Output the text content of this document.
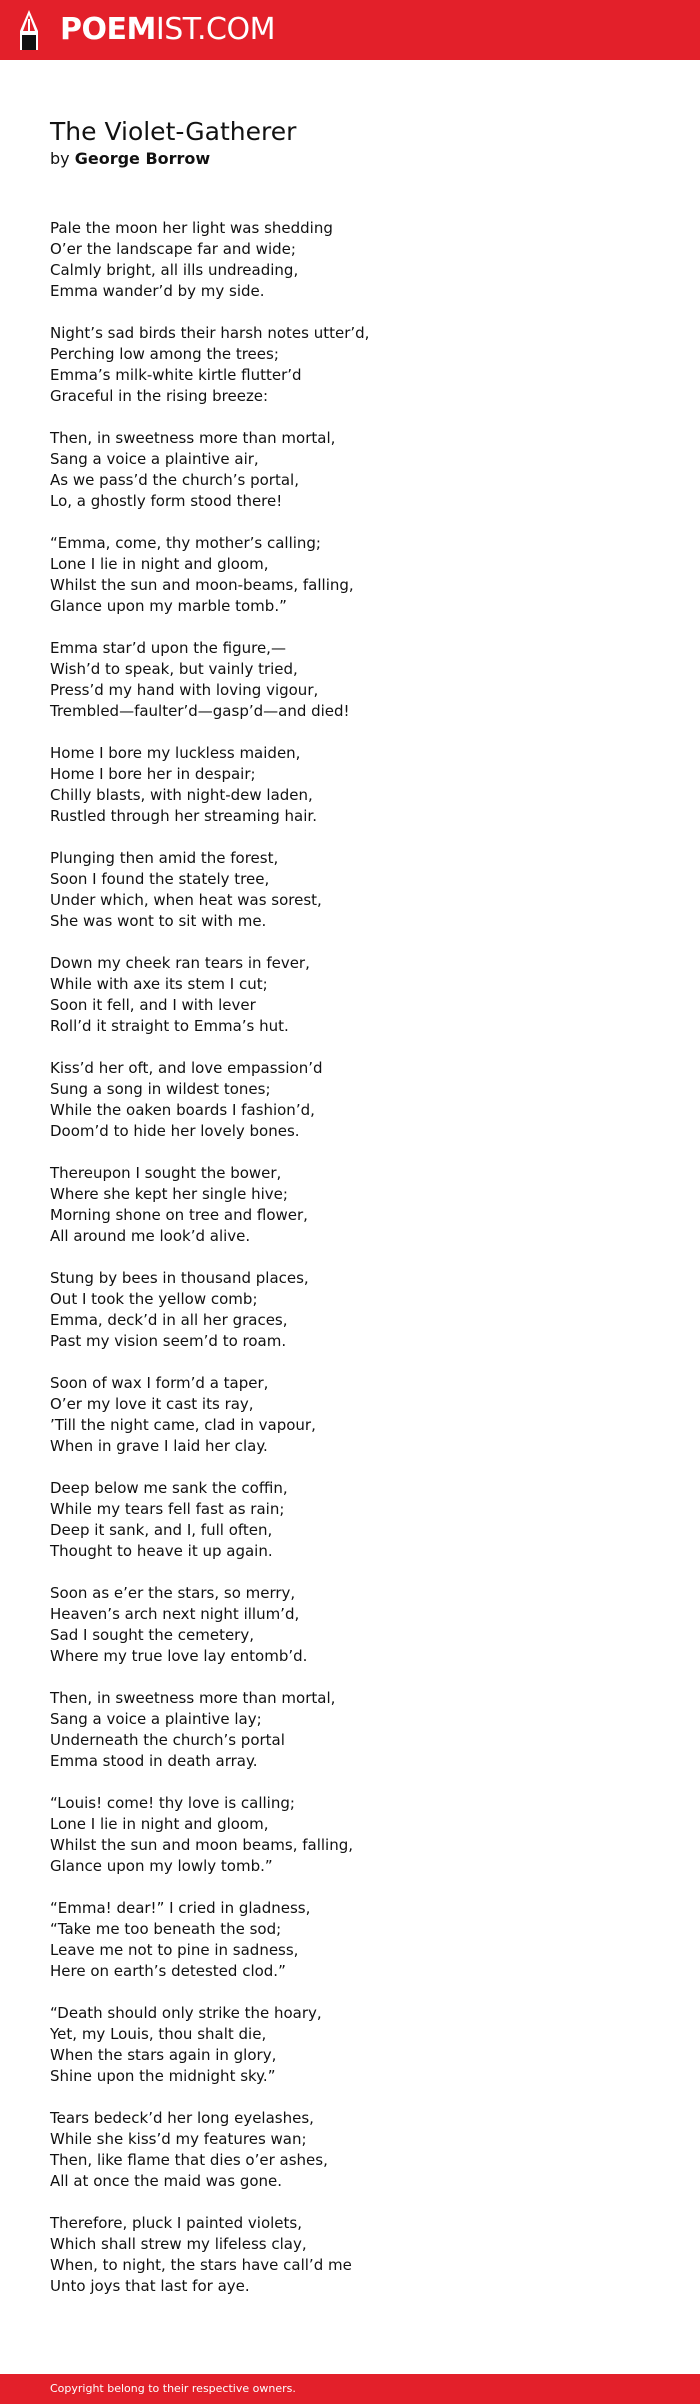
POEMIST.COM
The Violet-Gatherer
by George Borrow
Pale the moon her light was shedding
O’er the landscape far and wide;
Calmly bright, all ills undreading,
Emma wander’d by my side.
Night’s sad birds their harsh notes utter’d,
Perching low among the trees;
Emma’s milk-white kirtle flutter’d
Graceful in the rising breeze:
Then, in sweetness more than mortal,
Sang a voice a plaintive air,
As we pass’d the church’s portal,
Lo, a ghostly form stood there!
“Emma, come, thy mother’s calling;
Lone I lie in night and gloom,
Whilst the sun and moon-beams, falling,
Glance upon my marble tomb.”
Emma star’d upon the figure,—
Wish’d to speak, but vainly tried,
Press’d my hand with loving vigour,
Trembled—faulter’d—gasp’d—and died!
Home I bore my luckless maiden,
Home I bore her in despair;
Chilly blasts, with night-dew laden,
Rustled through her streaming hair.
Plunging then amid the forest,
Soon I found the stately tree,
Under which, when heat was sorest,
She was wont to sit with me.
Down my cheek ran tears in fever,
While with axe its stem I cut;
Soon it fell, and I with lever
Roll’d it straight to Emma’s hut.
Kiss’d her oft, and love empassion’d
Sung a song in wildest tones;
While the oaken boards I fashion’d,
Doom’d to hide her lovely bones.
Thereupon I sought the bower,
Where she kept her single hive;
Morning shone on tree and flower,
All around me look’d alive.
Stung by bees in thousand places,
Out I took the yellow comb;
Emma, deck’d in all her graces,
Past my vision seem’d to roam.
Soon of wax I form’d a taper,
O’er my love it cast its ray,
’Till the night came, clad in vapour,
When in grave I laid her clay.
Deep below me sank the coffin,
While my tears fell fast as rain;
Deep it sank, and I, full often,
Thought to heave it up again.
Soon as e’er the stars, so merry,
Heaven’s arch next night illum’d,
Sad I sought the cemetery,
Where my true love lay entomb’d.
Then, in sweetness more than mortal,
Sang a voice a plaintive lay;
Underneath the church’s portal
Emma stood in death array.
“Louis! come! thy love is calling;
Lone I lie in night and gloom,
Whilst the sun and moon beams, falling,
Glance upon my lowly tomb.”
“Emma! dear!” I cried in gladness,
“Take me too beneath the sod;
Leave me not to pine in sadness,
Here on earth’s detested clod.”
“Death should only strike the hoary,
Yet, my Louis, thou shalt die,
When the stars again in glory,
Shine upon the midnight sky.”
Tears bedeck’d her long eyelashes,
While she kiss’d my features wan;
Then, like flame that dies o’er ashes,
All at once the maid was gone.
Therefore, pluck I painted violets,
Which shall strew my lifeless clay,
When, to night, the stars have call’d me
Unto joys that last for aye.
Copyright belong to their respective owners.
